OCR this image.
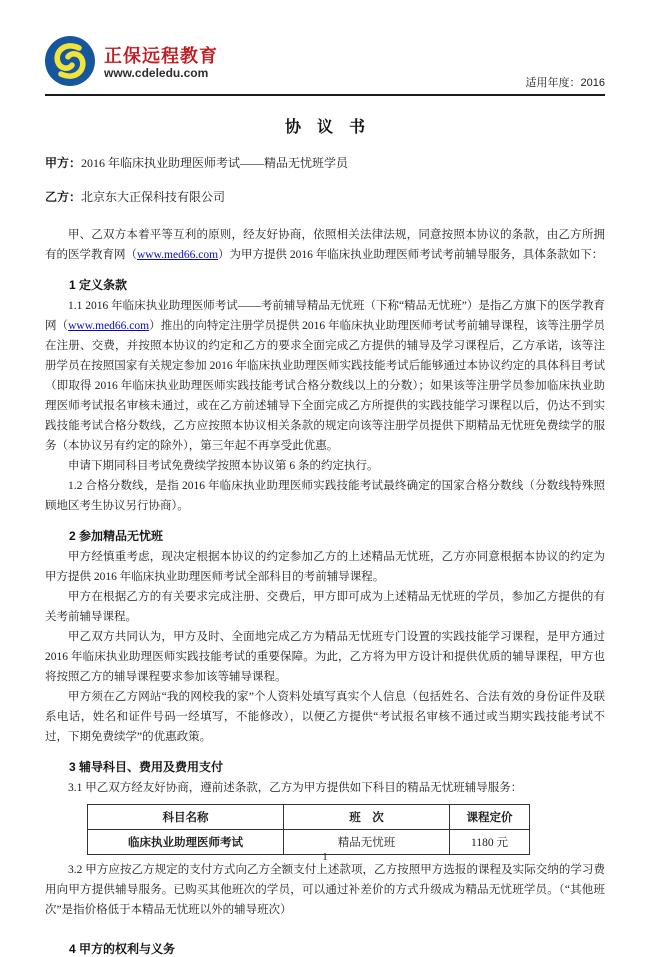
正保远程教育
www.cdeledu.com
适用年度：2016
协　议　书

甲方：2016 年临床执业助理医师考试——精品无忧班学员

乙方：北京东大正保科技有限公司

甲、乙双方本着平等互利的原则，经友好协商，依照相关法律法规，同意按照本协议的条款，由乙方所拥有的医学教育网（www.med66.com）为甲方提供 2016 年临床执业助理医师考试考前辅导服务，具体条款如下：

1 定义条款

1.1 2016 年临床执业助理医师考试——考前辅导精品无忧班（下称“精品无忧班”）是指乙方旗下的医学教育网（www.med66.com）推出的向特定注册学员提供 2016 年临床执业助理医师考试考前辅导课程，该等注册学员在注册、交费，并按照本协议的约定和乙方的要求全面完成乙方提供的辅导及学习课程后，乙方承诺，该等注册学员在按照国家有关规定参加 2016 年临床执业助理医师实践技能考试后能够通过本协议约定的具体科目考试（即取得 2016 年临床执业助理医师实践技能考试合格分数线以上的分数）；如果该等注册学员参加临床执业助理医师考试报名审核未通过，或在乙方前述辅导下全面完成乙方所提供的实践技能学习课程以后，仍达不到实践技能考试合格分数线，乙方应按照本协议相关条款的规定向该等注册学员提供下期精品无忧班免费续学的服务（本协议另有约定的除外），第三年起不再享受此优惠。

申请下期同科目考试免费续学按照本协议第 6 条的约定执行。

1.2 合格分数线，是指 2016 年临床执业助理医师实践技能考试最终确定的国家合格分数线（分数线特殊照顾地区考生协议另行协商）。

2 参加精品无忧班

甲方经慎重考虑，现决定根据本协议的约定参加乙方的上述精品无忧班，乙方亦同意根据本协议的约定为甲方提供 2016 年临床执业助理医师考试全部科目的考前辅导课程。

甲方在根据乙方的有关要求完成注册、交费后，甲方即可成为上述精品无忧班的学员，参加乙方提供的有关考前辅导课程。

甲乙双方共同认为，甲方及时、全面地完成乙方为精品无忧班专门设置的实践技能学习课程，是甲方通过 2016 年临床执业助理医师实践技能考试的重要保障。为此，乙方将为甲方设计和提供优质的辅导课程，甲方也将按照乙方的辅导课程要求参加该等辅导课程。

甲方须在乙方网站“我的网校我的家”个人资料处填写真实个人信息（包括姓名、合法有效的身份证件及联系电话，姓名和证件号码一经填写，不能修改），以便乙方提供“考试报名审核不通过或当期实践技能考试不过，下期免费续学”的优惠政策。

3 辅导科目、费用及费用支付

3.1 甲乙双方经友好协商，遵前述条款，乙方为甲方提供如下科目的精品无忧班辅导服务：

科目名称	班　次	课程定价
临床执业助理医师考试	精品无忧班	1180 元

3.2 甲方应按乙方规定的支付方式向乙方全额支付上述款项，乙方按照甲方选报的课程及实际交纳的学习费用向甲方提供辅导服务。已购买其他班次的学员，可以通过补差价的方式升级成为精品无忧班学员。（“其他班次”是指价格低于本精品无忧班以外的辅导班次）

4 甲方的权利与义务
1
